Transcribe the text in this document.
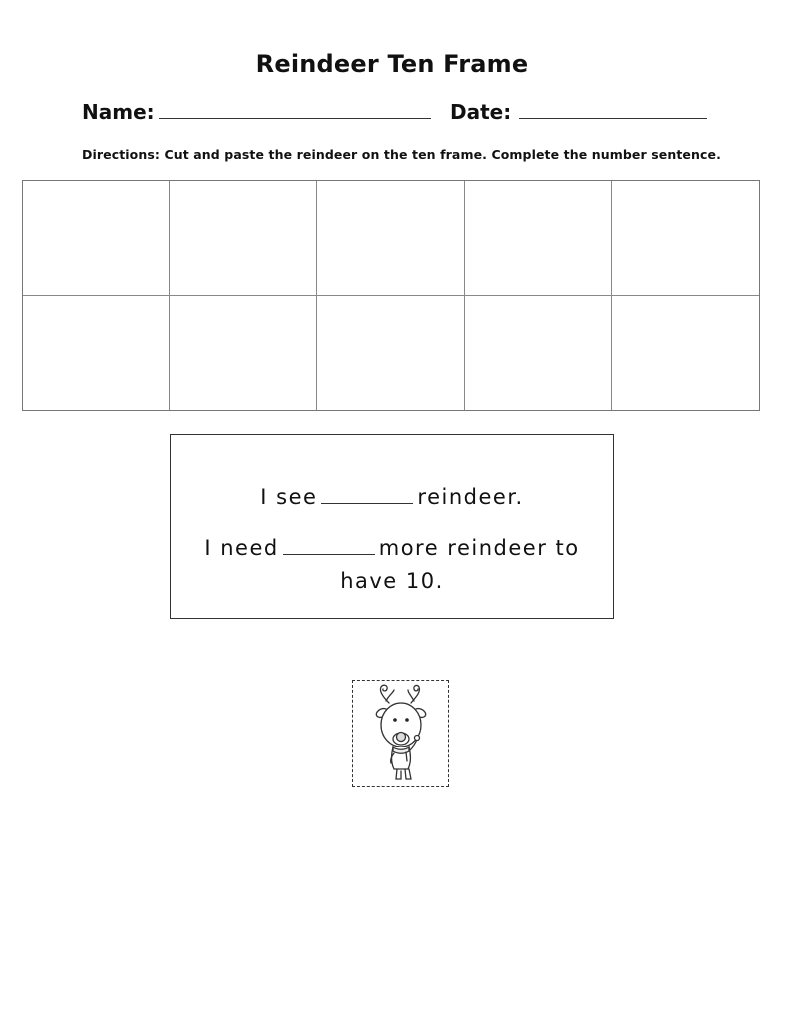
Reindeer Ten Frame
Name:	Date:
Directions: Cut and paste the reindeer on the ten frame. Complete the number sentence.
I see	reindeer.
I need	more reindeer to have 10.
